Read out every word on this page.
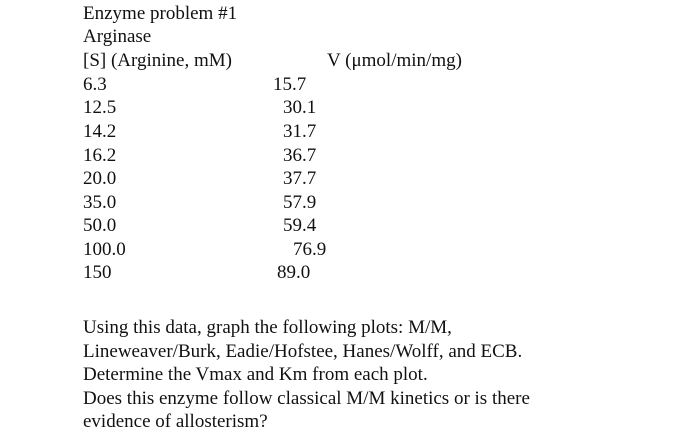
Enzyme problem #1
Arginase
[S] (Arginine, mM)	V (μmol/min/mg)
6.3	15.7
12.5	30.1
14.2	31.7
16.2	36.7
20.0	37.7
35.0	57.9
50.0	59.4
100.0	76.9
150	89.0
Using this data, graph the following plots: M/M,
Lineweaver/Burk, Eadie/Hofstee, Hanes/Wolff, and ECB.
Determine the Vmax and Km from each plot.
Does this enzyme follow classical M/M kinetics or is there
evidence of allosterism?
